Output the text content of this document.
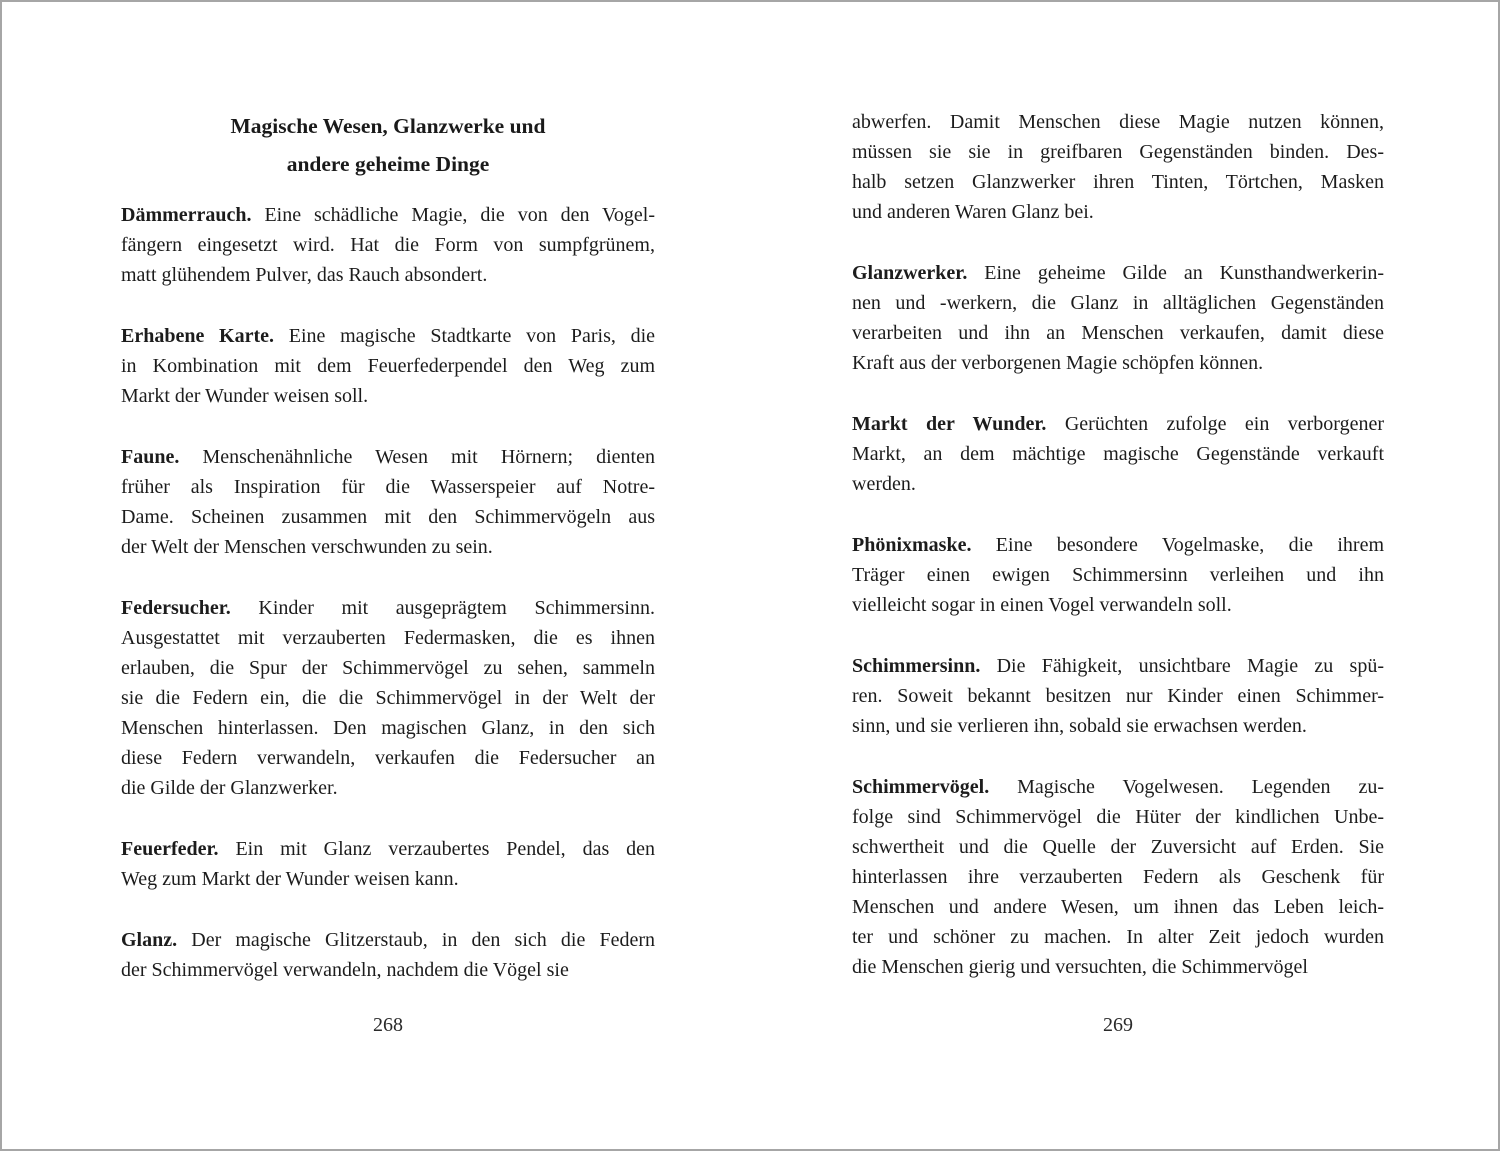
Magische Wesen, Glanzwerke und
andere geheime Dinge
Dämmerrauch. Eine schädliche Magie, die von den Vogel-
fängern eingesetzt wird. Hat die Form von sumpfgrünem,
matt glühendem Pulver, das Rauch absondert.
Erhabene Karte. Eine magische Stadtkarte von Paris, die
in Kombination mit dem Feuerfederpendel den Weg zum
Markt der Wunder weisen soll.
Faune. Menschenähnliche Wesen mit Hörnern; dienten
früher als Inspiration für die Wasserspeier auf Notre-
Dame. Scheinen zusammen mit den Schimmervögeln aus
der Welt der Menschen verschwunden zu sein.
Federsucher. Kinder mit ausgeprägtem Schimmersinn.
Ausgestattet mit verzauberten Federmasken, die es ihnen
erlauben, die Spur der Schimmervögel zu sehen, sammeln
sie die Federn ein, die die Schimmervögel in der Welt der
Menschen hinterlassen. Den magischen Glanz, in den sich
diese Federn verwandeln, verkaufen die Federsucher an
die Gilde der Glanzwerker.
Feuerfeder. Ein mit Glanz verzaubertes Pendel, das den
Weg zum Markt der Wunder weisen kann.
Glanz. Der magische Glitzerstaub, in den sich die Federn
der Schimmervögel verwandeln, nachdem die Vögel sie
abwerfen. Damit Menschen diese Magie nutzen können,
müssen sie sie in greifbaren Gegenständen binden. Des-
halb setzen Glanzwerker ihren Tinten, Törtchen, Masken
und anderen Waren Glanz bei.
Glanzwerker. Eine geheime Gilde an Kunsthandwerkerin-
nen und -werkern, die Glanz in alltäglichen Gegenständen
verarbeiten und ihn an Menschen verkaufen, damit diese
Kraft aus der verborgenen Magie schöpfen können.
Markt der Wunder. Gerüchten zufolge ein verborgener
Markt, an dem mächtige magische Gegenstände verkauft
werden.
Phönixmaske. Eine besondere Vogelmaske, die ihrem
Träger einen ewigen Schimmersinn verleihen und ihn
vielleicht sogar in einen Vogel verwandeln soll.
Schimmersinn. Die Fähigkeit, unsichtbare Magie zu spü-
ren. Soweit bekannt besitzen nur Kinder einen Schimmer-
sinn, und sie verlieren ihn, sobald sie erwachsen werden.
Schimmervögel. Magische Vogelwesen. Legenden zu-
folge sind Schimmervögel die Hüter der kindlichen Unbe-
schwertheit und die Quelle der Zuversicht auf Erden. Sie
hinterlassen ihre verzauberten Federn als Geschenk für
Menschen und andere Wesen, um ihnen das Leben leich-
ter und schöner zu machen. In alter Zeit jedoch wurden
die Menschen gierig und versuchten, die Schimmervögel
268	269
